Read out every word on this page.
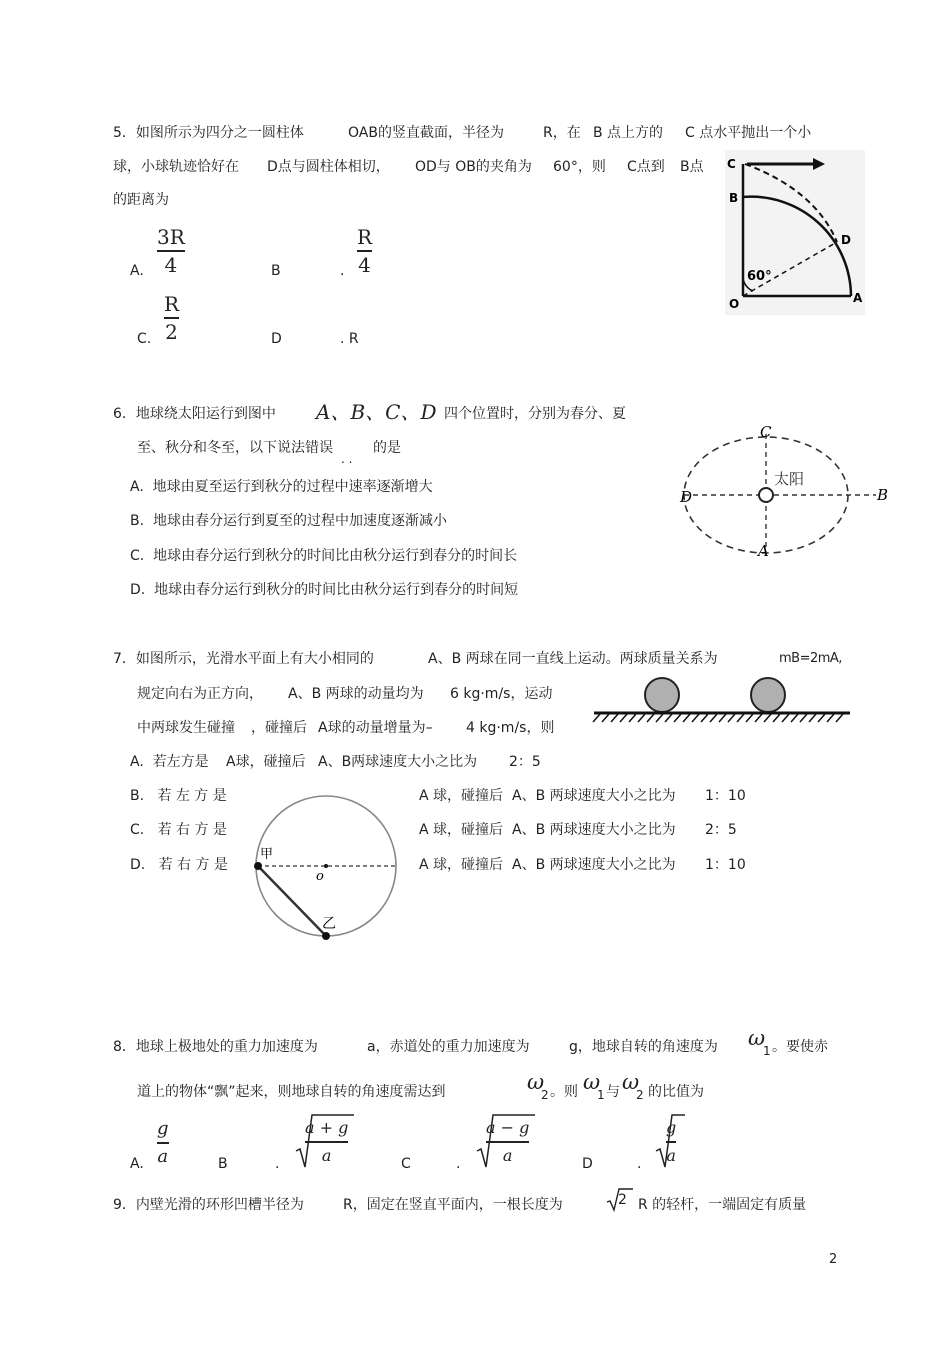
5．如图所示为四分之一圆柱体	OAB的竖直截面，半径为	R，在 B 点上方的 C 点水平抛出一个小
球，小球轨迹恰好在 D点与圆柱体相切， OD与 OB的夹角为 60°，则 C点到 B点
的距离为
A.
3R
4	B	.
R
4
C.
R
2	D	. R
C
B
D
O	A
60°
6．地球绕太阳运行到图中 A、B、C、D 四个位置时，分别为春分、夏
至、秋分和冬至，以下说法错误
. .
的是
A.  地球由夏至运行到秋分的过程中速率逐渐增大
B.  地球由春分运行到夏至的过程中加速度逐渐减小
C.  地球由春分运行到秋分的时间比由秋分运行到春分的时间长
D.  地球由春分运行到秋分的时间比由秋分运行到春分的时间短
C
D	B
A
太阳
7．如图所示，光滑水平面上有大小相同的	A、B 两球在同一直线上运动。两球质量关系为	mB=2mA,
规定向右为正方向， A、B 两球的动量均为 6 kg·m/s，运动
中两球发生碰撞 ，碰撞后 A球的动量增量为– 4 kg·m/s，则
A.  若左方是 A球，碰撞后 A、B两球速度大小之比为 2：5
B.   若 左 方 是	A 球，碰撞后 A、B 两球速度大小之比为 1：10
C.   若 右 方 是	A 球，碰撞后 A、B 两球速度大小之比为 2：5
D.   若 右 方 是	A 球，碰撞后 A、B 两球速度大小之比为 1：10
甲
乙
o
8．地球上极地处的重力加速度为	a，赤道处的重力加速度为	g，地球自转的角速度为 ω
1 。要使赤
道上的物体“飘”起来，则地球自转的角速度需达到	ω
2 。则 ω
1 与 ω
2 的比值为
A.
g
a	B	.
a + g
a	C	.
a − g
a	D	.
g
a
9．内壁光滑的环形凹槽半径为	R，固定在竖直平面内，一根长度为	2 R 的轻杆，一端固定有质量
2
